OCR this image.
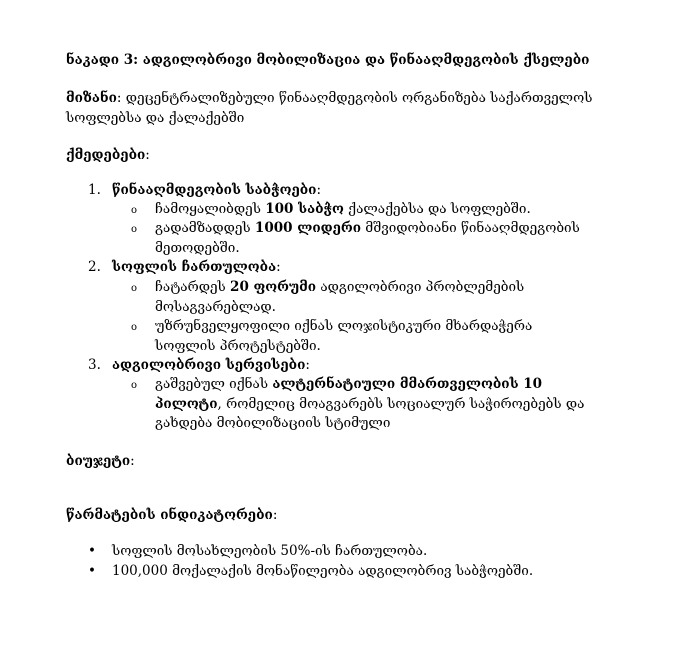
ნაკადი 3: ადგილობრივი მობილიზაცია და წინააღმდეგობის ქსელები
მიზანი: დეცენტრალიზებული წინააღმდეგობის ორგანიზება საქართველოს სოფლებსა და ქალაქებში
ქმედებები:
1. წინააღმდეგობის საბჭოები:
o ჩამოყალიბდეს 100 საბჭო ქალაქებსა და სოფლებში.
o გადამზადდეს 1000 ლიდერი მშვიდობიანი წინააღმდეგობის მეთოდებში.
2. სოფლის ჩართულობა:
o ჩატარდეს 20 ფორუმი ადგილობრივი პრობლემების მოსაგვარებლად.
o უზრუნველყოფილი იქნას ლოჯისტიკური მხარდაჭერა სოფლის პროტესტებში.
3. ადგილობრივი სერვისები:
o გაშვებულ იქნას ალტერნატიული მმართველობის 10 პილოტი, რომელიც მოაგვარებს სოციალურ საჭიროებებს და გახდება მობილიზაციის სტიმული
ბიუჯეტი:
წარმატების ინდიკატორები:
• სოფლის მოსახლეობის 50%-ის ჩართულობა.
• 100,000 მოქალაქის მონაწილეობა ადგილობრივ საბჭოებში.
